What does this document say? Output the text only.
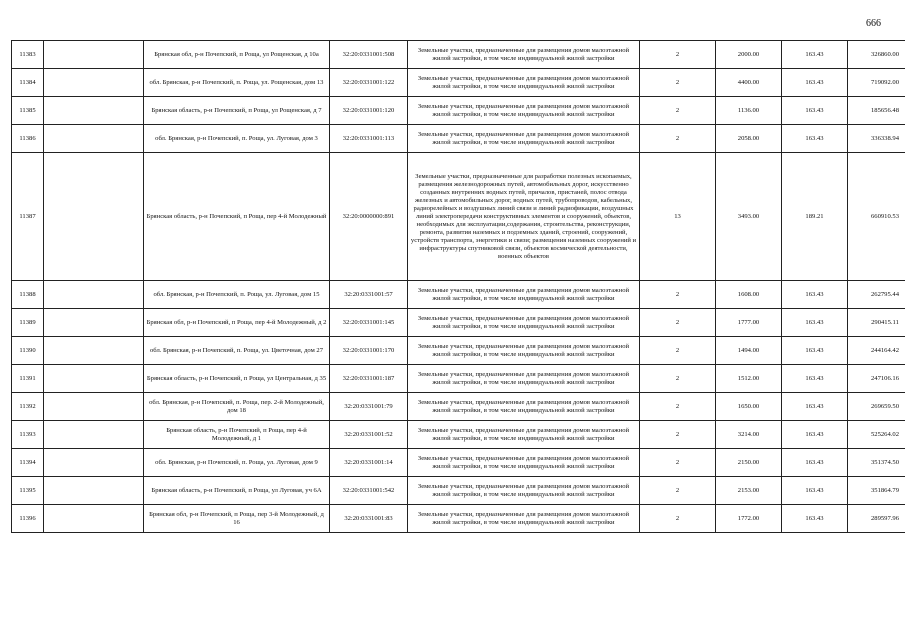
666
11383		Брянская обл, р-н Почепский, п Роща, ул Рощенская, д 10а	32:20:0331001:508	Земельные участки, предназначенные для размещения домов малоэтажной жилой застройки, в том числе индивидуальной жилой застройки	2	2000.00	163.43	326860.00
11384		обл. Брянская, р-н Почепский, п. Роща, ул. Рощенская, дом 13	32:20:0331001:122	Земельные участки, предназначенные для размещения домов малоэтажной жилой застройки, в том числе индивидуальной жилой застройки	2	4400.00	163.43	719092.00
11385		Брянская область, р-н Почепский, п Роща, ул Рощенская, д 7	32:20:0331001:120	Земельные участки, предназначенные для размещения домов малоэтажной жилой застройки, в том числе индивидуальной жилой застройки	2	1136.00	163.43	185656.48
11386		обл. Брянская, р-н Почепский, п. Роща, ул. Луговая, дом 3	32:20:0331001:113	Земельные участки, предназначенные для размещения домов малоэтажной жилой застройки, в том числе индивидуальной жилой застройки	2	2058.00	163.43	336338.94
11387		Брянская область, р-н Почепский, п Роща, пер 4-й Молодежный	32:20:0000000:891	Земельные участки, предназначенные для разработки полезных ископаемых, размещения железнодорожных путей, автомобильных дорог, искусственно созданных внутренних водных путей, причалов, пристаней, полос отвода железных и автомобильных дорог, водных путей, трубопроводов, кабельных, радиорелейных и воздушных линий связи и линий радиофикации, воздушных линий электропередачи конструктивных элементов и сооружений, объектов, необходимых для эксплуатации,содержания, строительства, реконструкции, ремонта, развития наземных и подземных зданий, строений, сооружений, устройств транспорта, энергетики и связи; размещения наземных сооружений и инфраструктуры спутниковой связи, объектов космической деятельности, военных объектов	13	3493.00	189.21	660910.53
11388		обл. Брянская, р-н Почепский, п. Роща, ул. Луговая, дом 15	32:20:0331001:57	Земельные участки, предназначенные для размещения домов малоэтажной жилой застройки, в том числе индивидуальной жилой застройки	2	1608.00	163.43	262795.44
11389		Брянская обл, р-н Почепский, п Роща, пер 4-й Молодежный, д 2	32:20:0331001:145	Земельные участки, предназначенные для размещения домов малоэтажной жилой застройки, в том числе индивидуальной жилой застройки	2	1777.00	163.43	290415.11
11390		обл. Брянская, р-н Почепский, п. Роща, ул. Цветочная, дом 27	32:20:0331001:170	Земельные участки, предназначенные для размещения домов малоэтажной жилой застройки, в том числе индивидуальной жилой застройки	2	1494.00	163.43	244164.42
11391		Брянская область, р-н Почепский, п Роща, ул Центральная, д 35	32:20:0331001:187	Земельные участки, предназначенные для размещения домов малоэтажной жилой застройки, в том числе индивидуальной жилой застройки	2	1512.00	163.43	247106.16
11392		обл. Брянская, р-н Почепский, п. Роща, пер. 2-й Молодежный, дом 18	32:20:0331001:79	Земельные участки, предназначенные для размещения домов малоэтажной жилой застройки, в том числе индивидуальной жилой застройки	2	1650.00	163.43	269659.50
11393		Брянская область, р-н Почепский, п Роща, пер 4-й Молодежный, д 1	32:20:0331001:52	Земельные участки, предназначенные для размещения домов малоэтажной жилой застройки, в том числе индивидуальной жилой застройки	2	3214.00	163.43	525264.02
11394		обл. Брянская, р-н Почепский, п. Роща, ул. Луговая, дом 9	32:20:0331001:14	Земельные участки, предназначенные для размещения домов малоэтажной жилой застройки, в том числе индивидуальной жилой застройки	2	2150.00	163.43	351374.50
11395		Брянская область, р-н Почепский, п Роща, ул Луговая, уч 6А	32:20:0331001:542	Земельные участки, предназначенные для размещения домов малоэтажной жилой застройки, в том числе индивидуальной жилой застройки	2	2153.00	163.43	351864.79
11396		Брянская обл, р-н Почепский, п Роща, пер 3-й Молодежный, д 16	32:20:0331001:83	Земельные участки, предназначенные для размещения домов малоэтажной жилой застройки, в том числе индивидуальной жилой застройки	2	1772.00	163.43	289597.96
